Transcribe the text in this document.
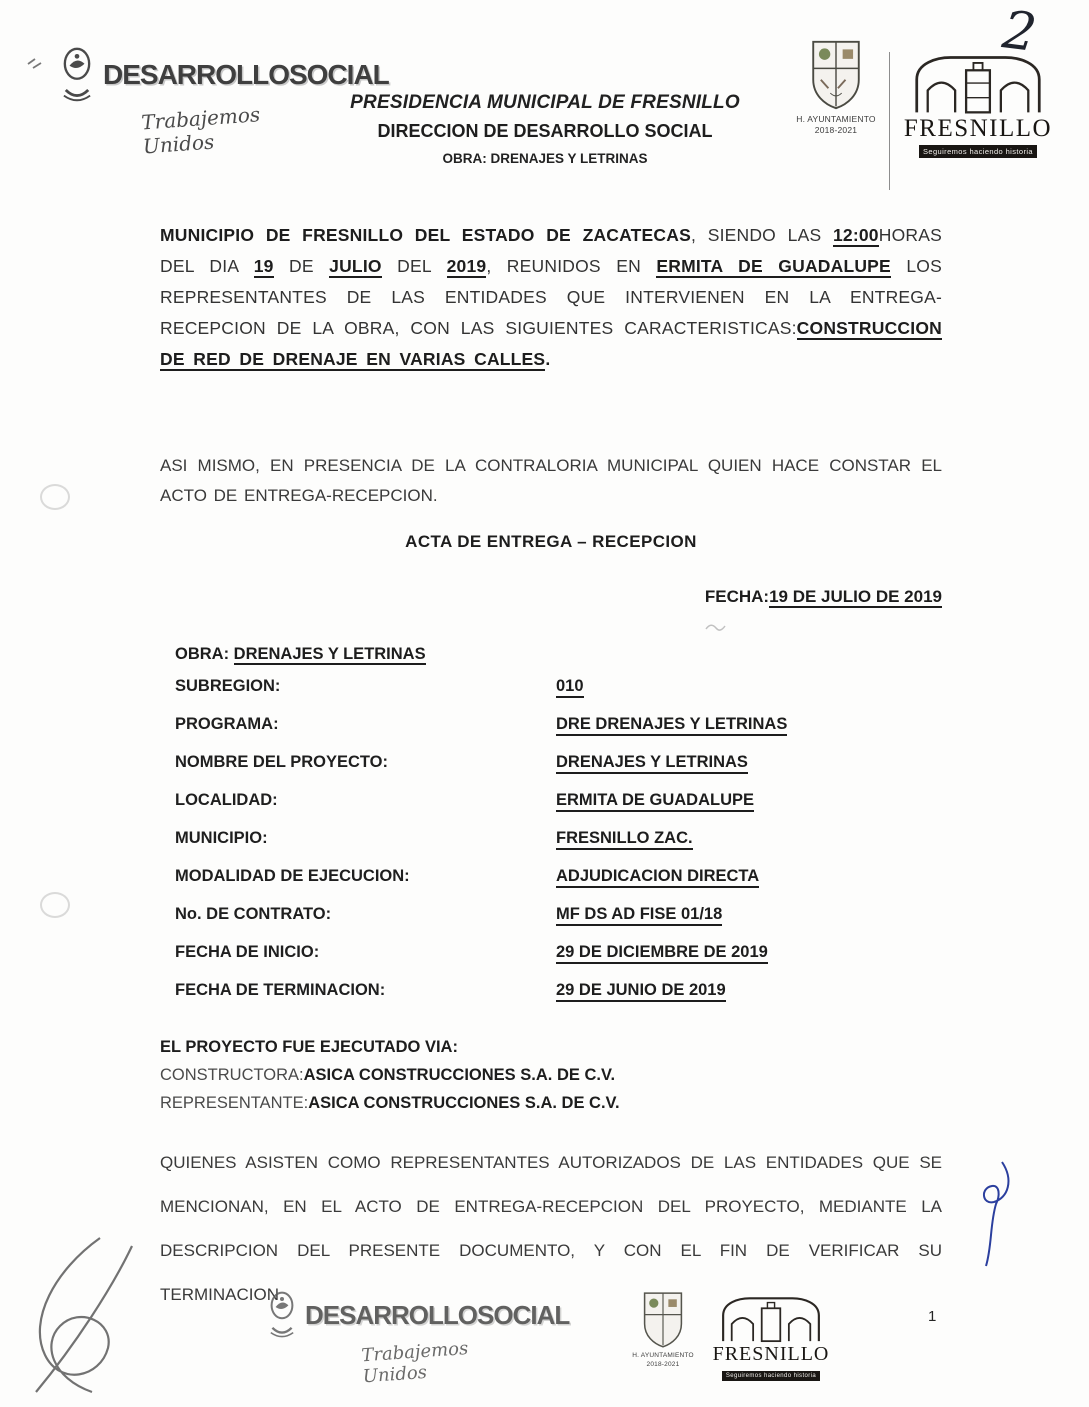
DESARROLLOSOCIAL
Trabajemos Unidos
PRESIDENCIA MUNICIPAL DE FRESNILLO
DIRECCION DE DESARROLLO SOCIAL
OBRA: DRENAJES Y LETRINAS
H. AYUNTAMIENTO
2018-2021	FRESNILLO
Seguiremos haciendo historia
2

MUNICIPIO DE FRESNILLO DEL ESTADO DE ZACATECAS, SIENDO LAS 12:00HORAS DEL DIA 19 DE JULIO DEL 2019, REUNIDOS EN ERMITA DE GUADALUPE LOS REPRESENTANTES DE LAS ENTIDADES QUE INTERVIENEN EN LA ENTREGA-RECEPCION DE LA OBRA, CON LAS SIGUIENTES CARACTERISTICAS:CONSTRUCCION DE RED DE DRENAJE EN VARIAS CALLES.

ASI MISMO, EN PRESENCIA DE LA CONTRALORIA MUNICIPAL QUIEN HACE CONSTAR EL ACTO DE ENTREGA-RECEPCION.

ACTA DE ENTREGA – RECEPCION
FECHA:19 DE JULIO DE 2019
OBRA: DRENAJES Y LETRINAS
SUBREGION:	010
PROGRAMA:	DRE DRENAJES Y LETRINAS
NOMBRE DEL PROYECTO:	DRENAJES Y LETRINAS
LOCALIDAD:	ERMITA DE GUADALUPE
MUNICIPIO:	FRESNILLO ZAC.
MODALIDAD DE EJECUCION:	ADJUDICACION DIRECTA
No. DE CONTRATO:	MF DS AD FISE 01/18
FECHA DE INICIO:	29 DE DICIEMBRE DE 2019
FECHA DE TERMINACION:	29 DE JUNIO DE 2019
EL PROYECTO FUE EJECUTADO VIA:
CONSTRUCTORA:ASICA CONSTRUCCIONES S.A. DE C.V.
REPRESENTANTE:ASICA CONSTRUCCIONES S.A. DE C.V.

QUIENES ASISTEN COMO REPRESENTANTES AUTORIZADOS DE LAS ENTIDADES QUE SE MENCIONAN, EN EL ACTO DE ENTREGA-RECEPCION DEL PROYECTO, MEDIANTE LA DESCRIPCION DEL PRESENTE DOCUMENTO, Y CON EL FIN DE VERIFICAR SU TERMINACION

DESARROLLOSOCIAL
Trabajemos Unidos
H. AYUNTAMIENTO
2018-2021	FRESNILLO
Seguiremos haciendo historia
1
